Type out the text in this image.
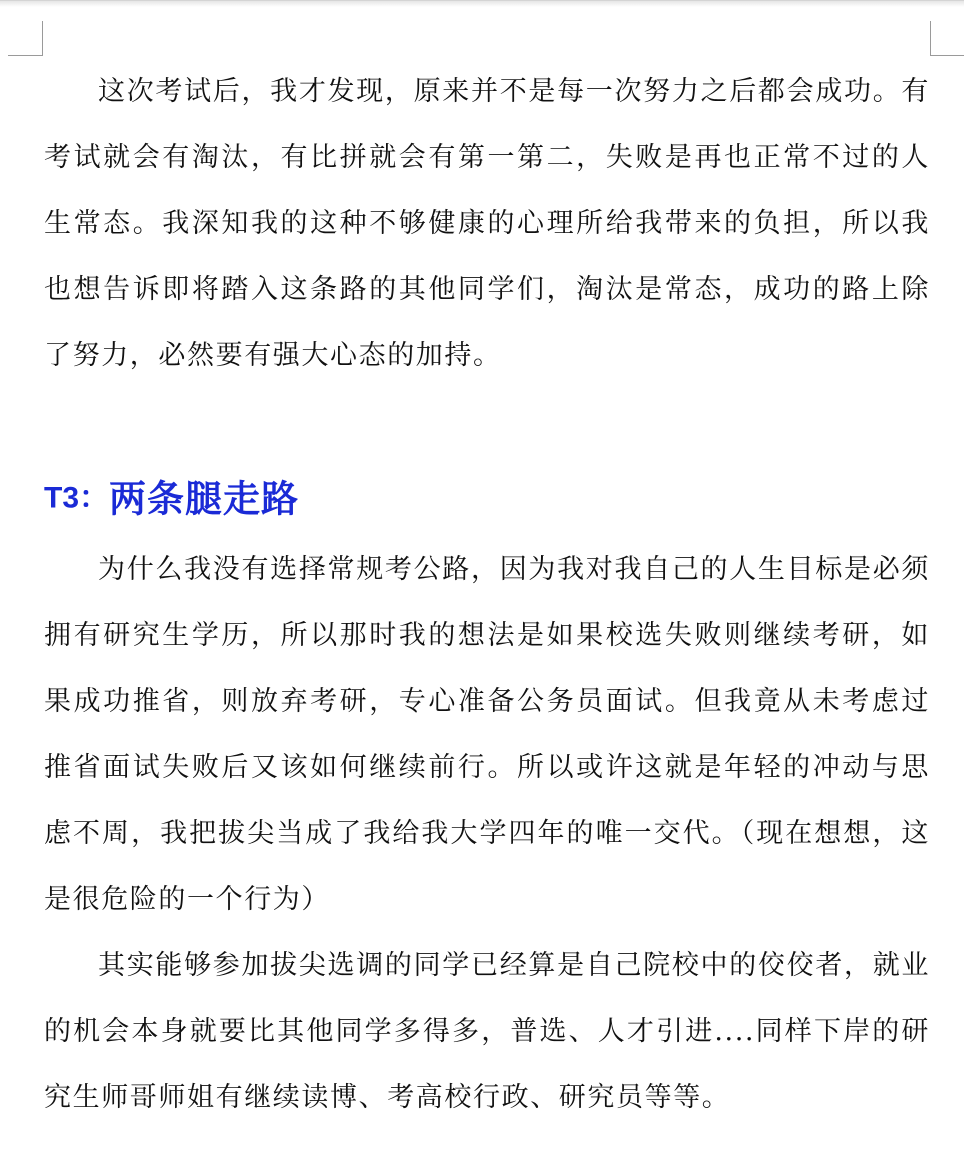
这次考试后，我才发现，原来并不是每一次努力之后都会成功。有考试就会有淘汰，有比拼就会有第一第二，失败是再也正常不过的人生常态。我深知我的这种不够健康的心理所给我带来的负担，所以我也想告诉即将踏入这条路的其他同学们，淘汰是常态，成功的路上除了努力，必然要有强大心态的加持。

T3：两条腿走路

为什么我没有选择常规考公路，因为我对我自己的人生目标是必须拥有研究生学历，所以那时我的想法是如果校选失败则继续考研，如果成功推省，则放弃考研，专心准备公务员面试。但我竟从未考虑过推省面试失败后又该如何继续前行。所以或许这就是年轻的冲动与思虑不周，我把拔尖当成了我给我大学四年的唯一交代。（现在想想，这是很危险的一个行为）

其实能够参加拔尖选调的同学已经算是自己院校中的佼佼者，就业的机会本身就要比其他同学多得多，普选、人才引进....同样下岸的研究生师哥师姐有继续读博、考高校行政、研究员等等。
